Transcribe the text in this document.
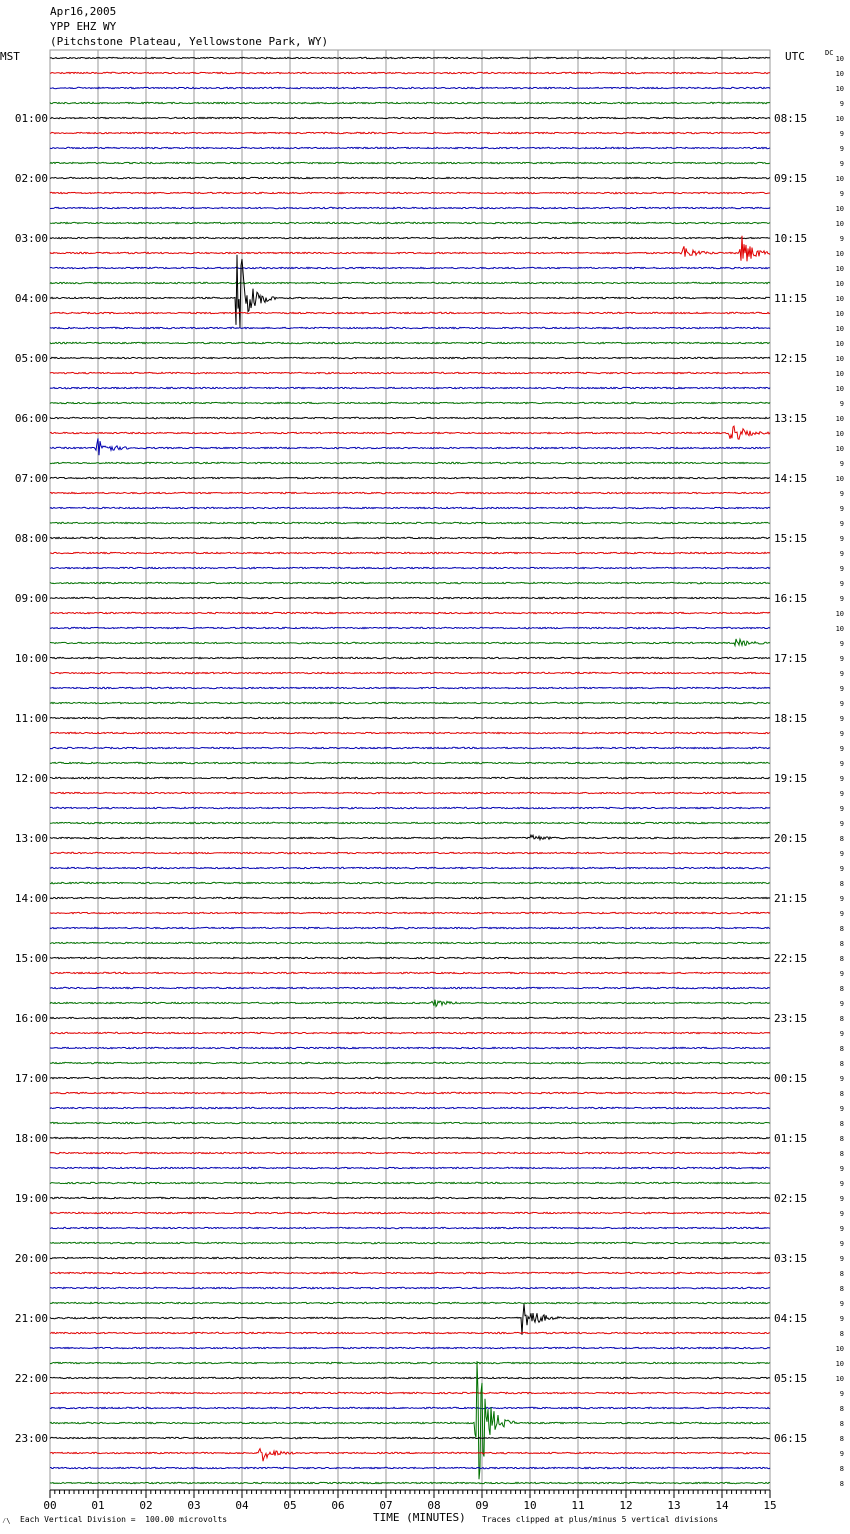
Apr16,2005
YPP EHZ WY
(Pitchstone Plateau, Yellowstone Park, WY)
MST	UTC	DC
10
10
10
9
10
9
9
9
10
9
10
10
9
10
10
10
10
10
10
10
10
10
10
9
10
10
10
9
10
9
9
9
9
9
9
9
9
10
10
9
9
9
9
9
9
9
9
9
9
9
9
9
8
9
9
8
9
9
8
8
8
9
8
9
8
9
8
8
9
8
9
8
8
8
9
9
9
9
9
9
9
8
8
9
9
8
10
10
10
9
8
8
8
9
8
8
01:00
02:00
03:00
04:00
05:00
06:00
07:00
08:00
09:00
10:00
11:00
12:00
13:00
14:00
15:00
16:00
17:00
18:00
19:00
20:00
21:00
22:00
23:00
08:15
09:15
10:15
11:15
12:15
13:15
14:15
15:15
16:15
17:15
18:15
19:15
20:15
21:15
22:15
23:15
00:15
01:15
02:15
03:15
04:15
05:15
06:15
00	01	02	03	04	05	06	07	08	09	10	11	12	13	14	15
⁄\ Each Vertical Division =  100.00 microvolts	TIME (MINUTES) Traces clipped at plus/minus 5 vertical divisions
